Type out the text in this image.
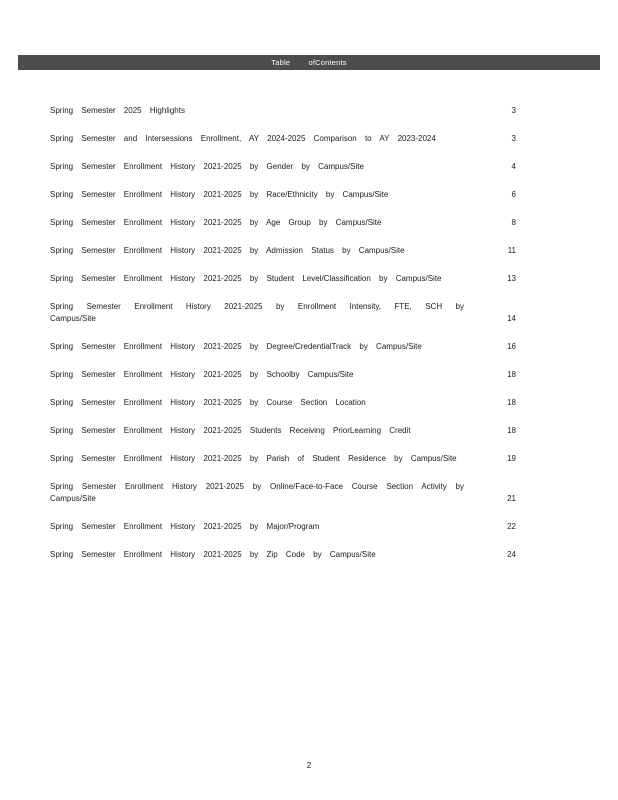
Table ofContents
Spring Semester 2025 Highlights	3
Spring Semester and Intersessions Enrollment, AY 2024-2025 Comparison to AY 2023-2024	3
Spring Semester Enrollment History 2021-2025 by Gender by Campus/Site	4
Spring Semester Enrollment History 2021-2025 by Race/Ethnicity by Campus/Site	6
Spring Semester Enrollment History 2021-2025 by Age Group by Campus/Site	8
Spring Semester Enrollment History 2021-2025 by Admission Status by Campus/Site	11
Spring Semester Enrollment History 2021-2025 by Student Level/Classification by Campus/Site	13
Spring Semester Enrollment History 2021-2025 by Enrollment Intensity, FTE, SCH by Campus/Site	14
Spring Semester Enrollment History 2021-2025 by Degree/CredentialTrack by Campus/Site	16
Spring Semester Enrollment History 2021-2025 by Schoolby Campus/Site	18
Spring Semester Enrollment History 2021-2025 by Course Section Location	18
Spring Semester Enrollment History 2021-2025 Students Receiving PriorLearning Credit	18
Spring Semester Enrollment History 2021-2025 by Parish of Student Residence by Campus/Site	19
Spring Semester Enrollment History 2021-2025 by Online/Face-to-Face Course Section Activity by Campus/Site	21
Spring Semester Enrollment History 2021-2025 by Major/Program	22
Spring Semester Enrollment History 2021-2025 by Zip Code by Campus/Site	24
2
